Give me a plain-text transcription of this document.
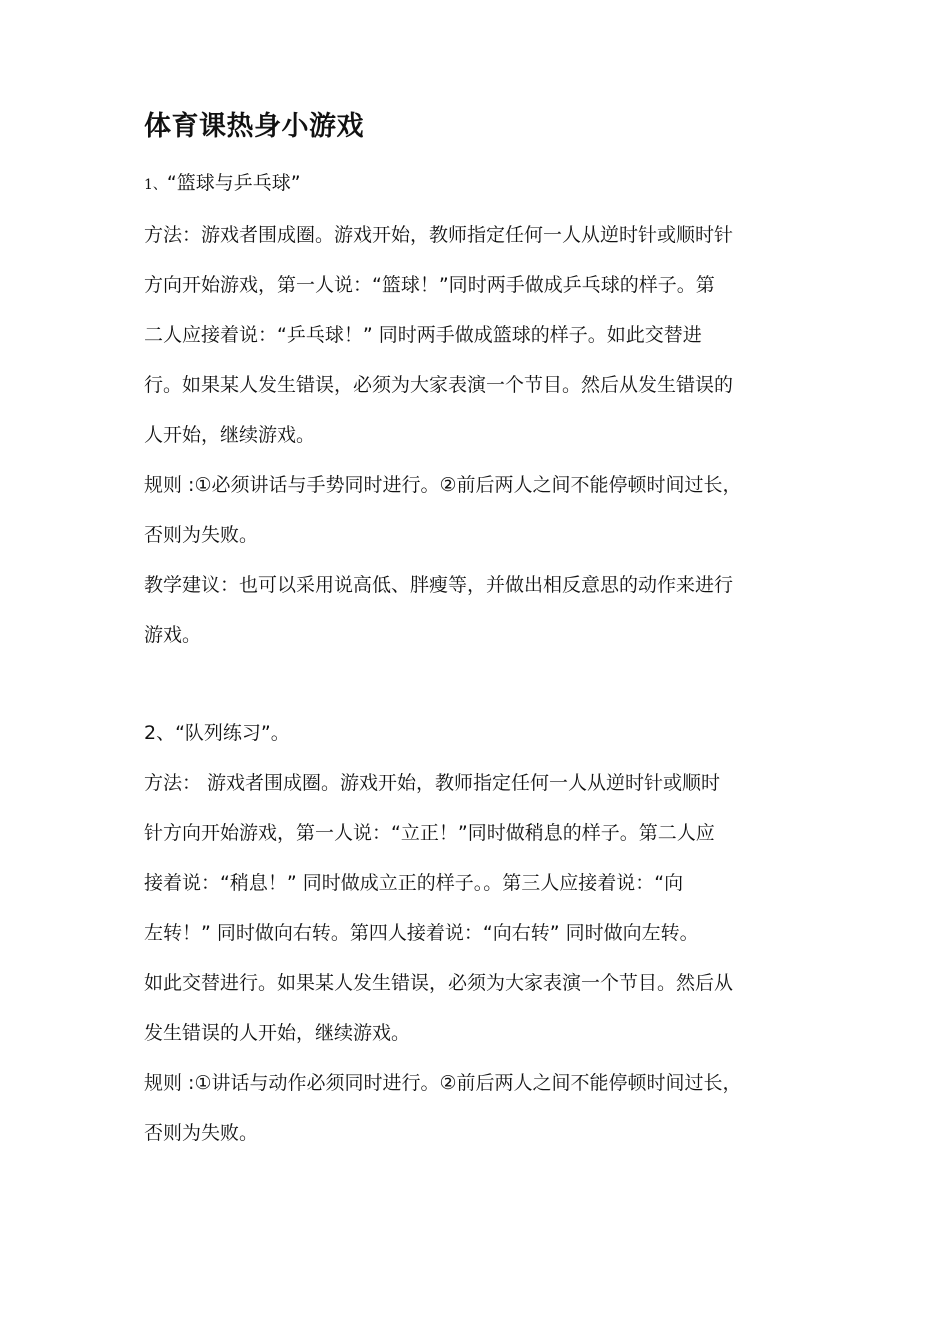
体育课热身小游戏

1、“篮球与乒乓球”

方法：游戏者围成圈。游戏开始，教师指定任何一人从逆时针或顺时针

方向开始游戏，第一人说：“篮球！”同时两手做成乒乓球的样子。第

二人应接着说：“乒乓球！” 同时两手做成篮球的样子。如此交替进

行。如果某人发生错误，必须为大家表演一个节目。然后从发生错误的

人开始，继续游戏。

规则 :①必须讲话与手势同时进行。②前后两人之间不能停顿时间过长，

否则为失败。

教学建议：也可以采用说高低、胖瘦等，并做出相反意思的动作来进行

游戏。

2、“队列练习”。

方法： 游戏者围成圈。游戏开始，教师指定任何一人从逆时针或顺时

针方向开始游戏，第一人说：“立正！”同时做稍息的样子。第二人应

接着说：“稍息！” 同时做成立正的样子。。第三人应接着说：“向

左转！” 同时做向右转。第四人接着说：“向右转” 同时做向左转。

如此交替进行。如果某人发生错误，必须为大家表演一个节目。然后从

发生错误的人开始，继续游戏。

规则 :①讲话与动作必须同时进行。②前后两人之间不能停顿时间过长，

否则为失败。
